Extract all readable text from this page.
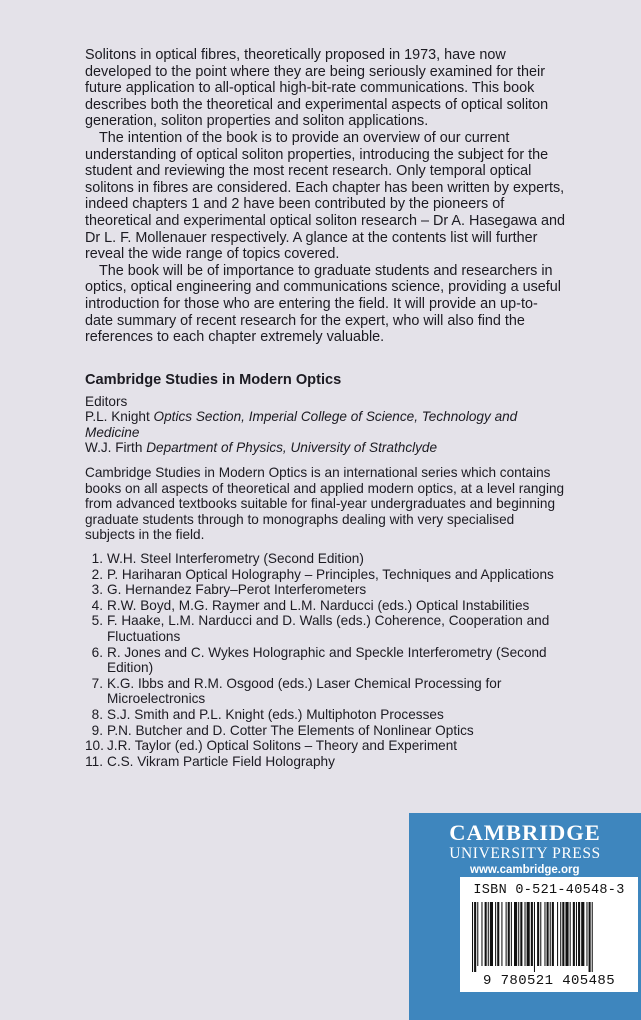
Solitons in optical fibres, theoretically proposed in 1973, have now developed to the point where they are being seriously examined for their future application to all-optical high-bit-rate communications. This book describes both the theoretical and experimental aspects of optical soliton generation, soliton properties and soliton applications.

The intention of the book is to provide an overview of our current understanding of optical soliton properties, introducing the subject for the student and reviewing the most recent research. Only temporal optical solitons in fibres are considered. Each chapter has been written by experts, indeed chapters 1 and 2 have been contributed by the pioneers of theoretical and experimental optical soliton research – Dr A. Hasegawa and Dr L. F. Mollenauer respectively. A glance at the contents list will further reveal the wide range of topics covered.

The book will be of importance to graduate students and researchers in optics, optical engineering and communications science, providing a useful introduction for those who are entering the field. It will provide an up-to-date summary of recent research for the expert, who will also find the references to each chapter extremely valuable.

Cambridge Studies in Modern Optics

Editors

P.L. Knight Optics Section, Imperial College of Science, Technology and Medicine

W.J. Firth Department of Physics, University of Strathclyde

Cambridge Studies in Modern Optics is an international series which contains books on all aspects of theoretical and applied modern optics, at a level ranging from advanced textbooks suitable for final-year undergraduates and beginning graduate students through to monographs dealing with very specialised subjects in the field.

1. W.H. Steel Interferometry (Second Edition)
2. P. Hariharan Optical Holography – Principles, Techniques and Applications
3. G. Hernandez Fabry–Perot Interferometers
4. R.W. Boyd, M.G. Raymer and L.M. Narducci (eds.) Optical Instabilities
5. F. Haake, L.M. Narducci and D. Walls (eds.) Coherence, Cooperation and Fluctuations
6. R. Jones and C. Wykes Holographic and Speckle Interferometry (Second Edition)
7. K.G. Ibbs and R.M. Osgood (eds.) Laser Chemical Processing for Microelectronics
8. S.J. Smith and P.L. Knight (eds.) Multiphoton Processes
9. P.N. Butcher and D. Cotter The Elements of Nonlinear Optics
10. J.R. Taylor (ed.) Optical Solitons – Theory and Experiment
11. C.S. Vikram Particle Field Holography
CAMBRIDGE
UNIVERSITY PRESS
www.cambridge.org
ISBN 0-521-40548-3
9 780521 405485
